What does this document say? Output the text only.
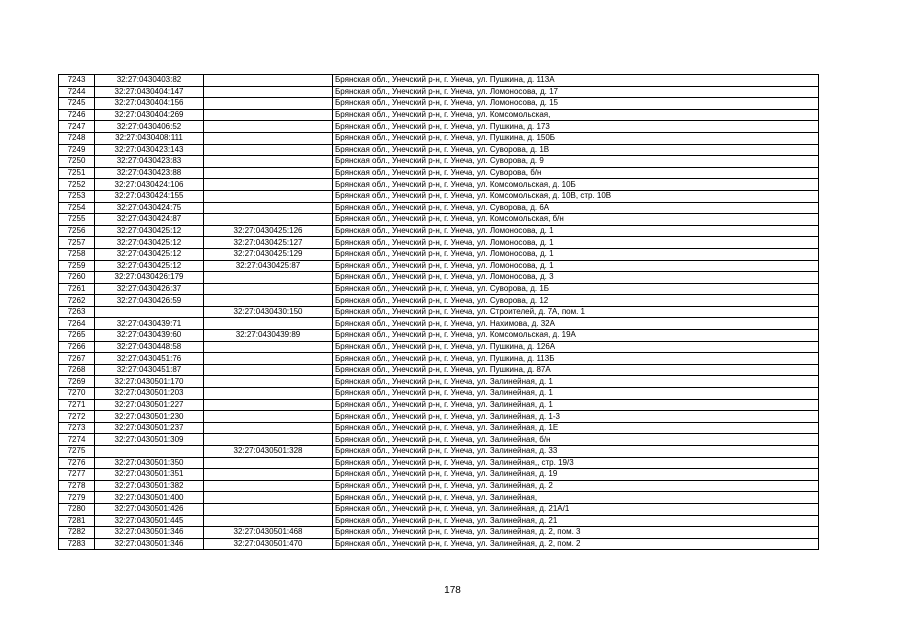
7243	32:27:0430403:82		Брянская обл., Унечский р-н, г. Унеча, ул. Пушкина, д. 113А
7244	32:27:0430404:147		Брянская обл., Унечский р-н, г. Унеча, ул. Ломоносова, д. 17
7245	32:27:0430404:156		Брянская обл., Унечский р-н, г. Унеча, ул. Ломоносова, д. 15
7246	32:27:0430404:269		Брянская обл., Унечский р-н, г. Унеча, ул. Комсомольская,
7247	32:27:0430406:52		Брянская обл., Унечский р-н, г. Унеча, ул. Пушкина, д. 173
7248	32:27:0430408:111		Брянская обл., Унечский р-н, г. Унеча, ул. Пушкина, д. 150Б
7249	32:27:0430423:143		Брянская обл., Унечский р-н, г. Унеча, ул. Суворова, д. 1В
7250	32:27:0430423:83		Брянская обл., Унечский р-н, г. Унеча, ул. Суворова, д. 9
7251	32:27:0430423:88		Брянская обл., Унечский р-н, г. Унеча, ул. Суворова, б/н
7252	32:27:0430424:106		Брянская обл., Унечский р-н, г. Унеча, ул. Комсомольская, д. 10Б
7253	32:27:0430424:155		Брянская обл., Унечский р-н, г. Унеча, ул. Комсомольская, д. 10В, стр. 10В
7254	32:27:0430424:75		Брянская обл., Унечский р-н, г. Унеча, ул. Суворова, д. 6А
7255	32:27:0430424:87		Брянская обл., Унечский р-н, г. Унеча, ул. Комсомольская, б/н
7256	32:27:0430425:12	32:27:0430425:126	Брянская обл., Унечский р-н, г. Унеча, ул. Ломоносова, д. 1
7257	32:27:0430425:12	32:27:0430425:127	Брянская обл., Унечский р-н, г. Унеча, ул. Ломоносова, д. 1
7258	32:27:0430425:12	32:27:0430425:129	Брянская обл., Унечский р-н, г. Унеча, ул. Ломоносова, д. 1
7259	32:27:0430425:12	32:27:0430425:87	Брянская обл., Унечский р-н, г. Унеча, ул. Ломоносова, д. 1
7260	32:27:0430426:179		Брянская обл., Унечский р-н, г. Унеча, ул. Ломоносова, д. 3
7261	32:27:0430426:37		Брянская обл., Унечский р-н, г. Унеча, ул. Суворова, д. 1Б
7262	32:27:0430426:59		Брянская обл., Унечский р-н, г. Унеча, ул. Суворова, д. 12
7263		32:27:0430430:150	Брянская обл., Унечский р-н, г. Унеча, ул. Строителей, д. 7А, пом. 1
7264	32:27:0430439:71		Брянская обл., Унечский р-н, г. Унеча, ул. Нахимова, д. 32А
7265	32:27:0430439:60	32:27:0430439:89	Брянская обл., Унечский р-н, г. Унеча, ул. Комсомольская, д. 19А
7266	32:27:0430448:58		Брянская обл., Унечский р-н, г. Унеча, ул. Пушкина, д. 126А
7267	32:27:0430451:76		Брянская обл., Унечский р-н, г. Унеча, ул. Пушкина, д. 113Б
7268	32:27:0430451:87		Брянская обл., Унечский р-н, г. Унеча, ул. Пушкина, д. 87А
7269	32:27:0430501:170		Брянская обл., Унечский р-н, г. Унеча, ул. Залинейная, д. 1
7270	32:27:0430501:203		Брянская обл., Унечский р-н, г. Унеча, ул. Залинейная, д. 1
7271	32:27:0430501:227		Брянская обл., Унечский р-н, г. Унеча, ул. Залинейная, д. 1
7272	32:27:0430501:230		Брянская обл., Унечский р-н, г. Унеча, ул. Залинейная, д. 1-3
7273	32:27:0430501:237		Брянская обл., Унечский р-н, г. Унеча, ул. Залинейная, д. 1Е
7274	32:27:0430501:309		Брянская обл., Унечский р-н, г. Унеча, ул. Залинейная, б/н
7275		32:27:0430501:328	Брянская обл., Унечский р-н, г. Унеча, ул. Залинейная, д. 33
7276	32:27:0430501:350		Брянская обл., Унечский р-н, г. Унеча, ул. Залинейная,, стр. 19/3
7277	32:27:0430501:351		Брянская обл., Унечский р-н, г. Унеча, ул. Залинейная, д. 19
7278	32:27:0430501:382		Брянская обл., Унечский р-н, г. Унеча, ул. Залинейная, д. 2
7279	32:27:0430501:400		Брянская обл., Унечский р-н, г. Унеча, ул. Залинейная,
7280	32:27:0430501:426		Брянская обл., Унечский р-н, г. Унеча, ул. Залинейная, д. 21А/1
7281	32:27:0430501:445		Брянская обл., Унечский р-н, г. Унеча, ул. Залинейная, д. 21
7282	32:27:0430501:346	32:27:0430501:468	Брянская обл., Унечский р-н, г. Унеча, ул. Залинейная, д. 2, пом. 3
7283	32:27:0430501:346	32:27:0430501:470	Брянская обл., Унечский р-н, г. Унеча, ул. Залинейная, д. 2, пом. 2
178
